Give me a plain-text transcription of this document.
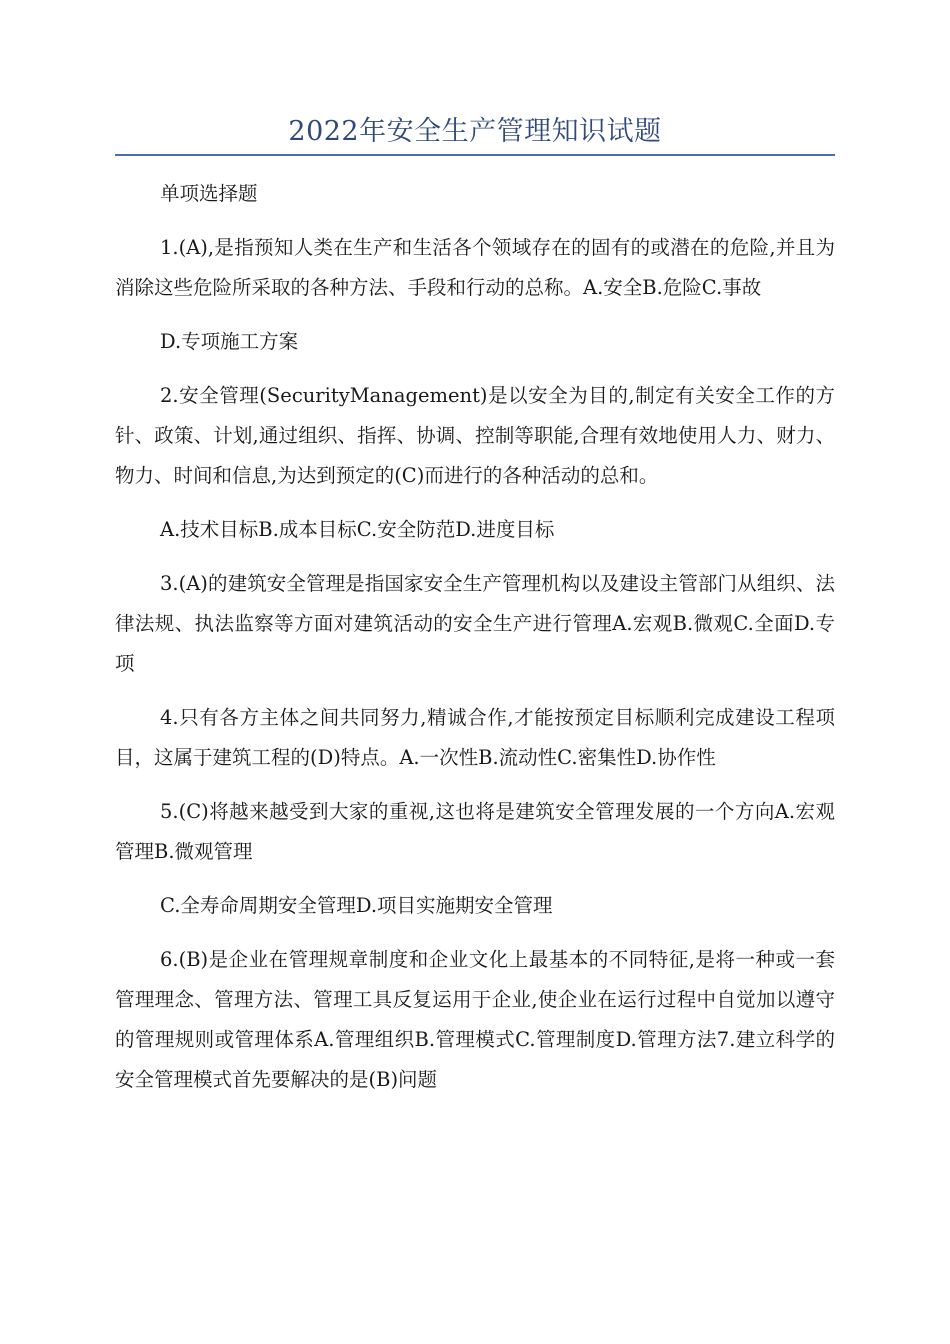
2022年安全生产管理知识试题

单项选择题

1.(A),是指预知人类在生产和生活各个领域存在的固有的或潜在的危险,并且为消除这些危险所采取的各种方法、手段和行动的总称。A.安全B.危险C.事故

D.专项施工方案

2.安全管理(SecurityManagement)是以安全为目的,制定有关安全工作的方针、政策、计划,通过组织、指挥、协调、控制等职能,合理有效地使用人力、财力、物力、时间和信息,为达到预定的(C)而进行的各种活动的总和。

A.技术目标B.成本目标C.安全防范D.进度目标

3.(A)的建筑安全管理是指国家安全生产管理机构以及建设主管部门从组织、法律法规、执法监察等方面对建筑活动的安全生产进行管理A.宏观B.微观C.全面D.专项

4.只有各方主体之间共同努力,精诚合作,才能按预定目标顺利完成建设工程项目，这属于建筑工程的(D)特点。A.一次性B.流动性C.密集性D.协作性

5.(C)将越来越受到大家的重视,这也将是建筑安全管理发展的一个方向A.宏观管理B.微观管理

C.全寿命周期安全管理D.项目实施期安全管理

6.(B)是企业在管理规章制度和企业文化上最基本的不同特征,是将一种或一套管理理念、管理方法、管理工具反复运用于企业,使企业在运行过程中自觉加以遵守的管理规则或管理体系A.管理组织B.管理模式C.管理制度D.管理方法7.建立科学的安全管理模式首先要解决的是(B)问题
